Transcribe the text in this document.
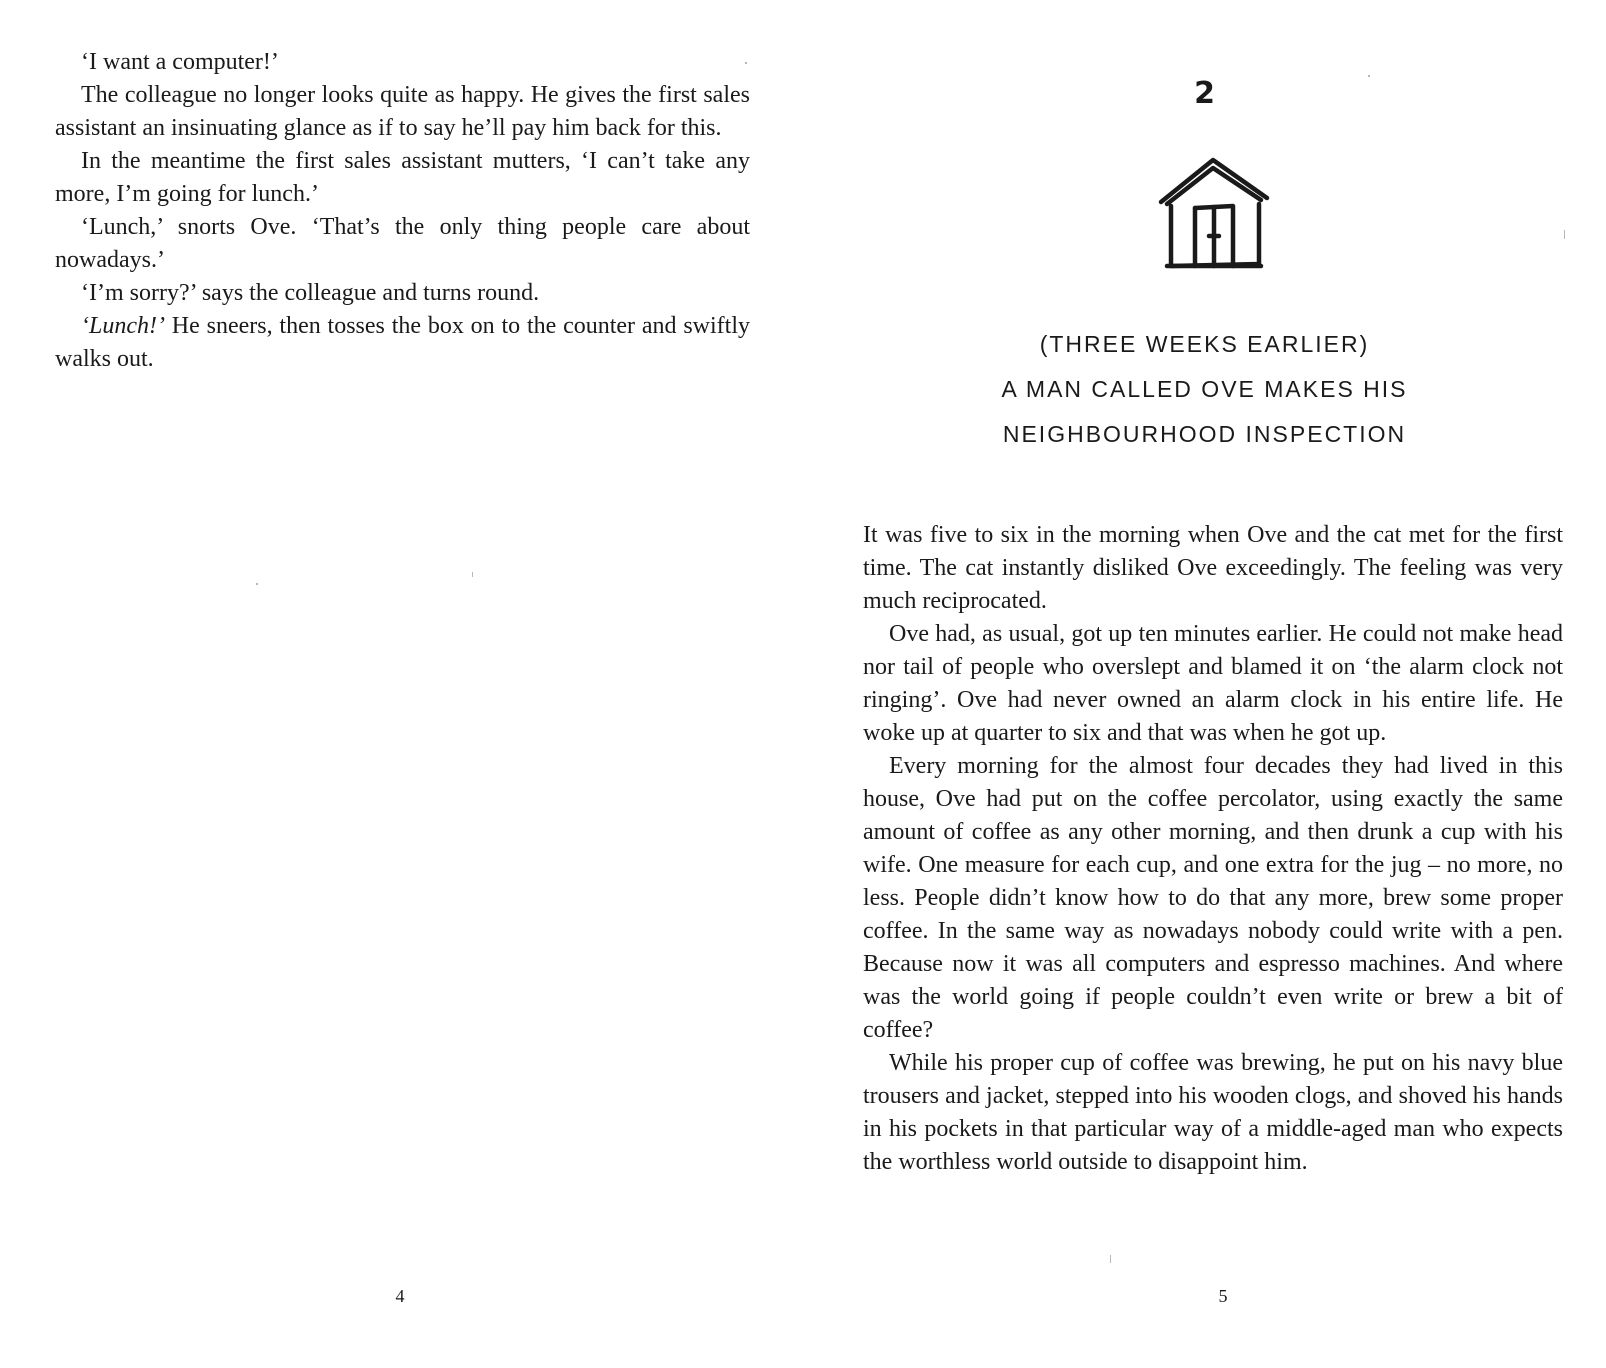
‘I want a computer!’

The colleague no longer looks quite as happy. He gives the first sales assistant an insinuating glance as if to say he’ll pay him back for this.

In the meantime the first sales assistant mutters, ‘I can’t take any more, I’m going for lunch.’

‘Lunch,’ snorts Ove. ‘That’s the only thing people care about nowadays.’

‘I’m sorry?’ says the colleague and turns round.

‘Lunch!’ He sneers, then tosses the box on to the counter and swiftly walks out.

4
2
(THREE WEEKS EARLIER)
A MAN CALLED OVE MAKES HIS
NEIGHBOURHOOD INSPECTION

It was five to six in the morning when Ove and the cat met for the first time. The cat instantly disliked Ove exceedingly. The feeling was very much reciprocated.

Ove had, as usual, got up ten minutes earlier. He could not make head nor tail of people who overslept and blamed it on ‘the alarm clock not ringing’. Ove had never owned an alarm clock in his entire life. He woke up at quarter to six and that was when he got up.

Every morning for the almost four decades they had lived in this house, Ove had put on the coffee percolator, using exactly the same amount of coffee as any other morning, and then drunk a cup with his wife. One measure for each cup, and one extra for the jug – no more, no less. People didn’t know how to do that any more, brew some proper coffee. In the same way as nowadays nobody could write with a pen. Because now it was all computers and espresso machines. And where was the world going if people couldn’t even write or brew a bit of coffee?

While his proper cup of coffee was brewing, he put on his navy blue trousers and jacket, stepped into his wooden clogs, and shoved his hands in his pockets in that particular way of a middle-aged man who expects the worthless world outside to disappoint him.

5
